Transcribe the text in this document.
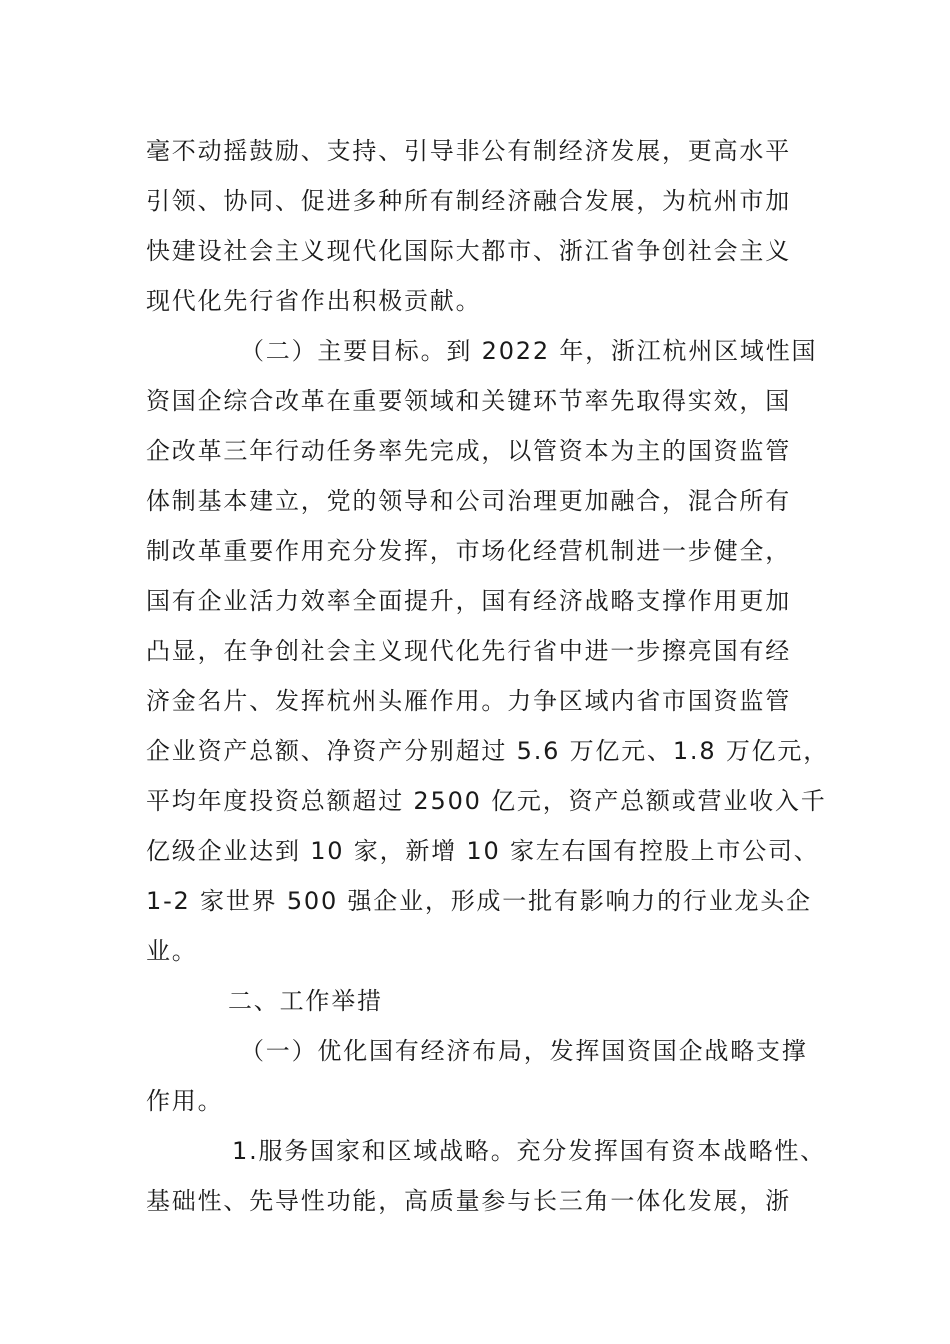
毫不动摇鼓励、支持、引导非公有制经济发展，更高水平
引领、协同、促进多种所有制经济融合发展，为杭州市加
快建设社会主义现代化国际大都市、浙江省争创社会主义
现代化先行省作出积极贡献。
（二）主要目标。到 2022 年，浙江杭州区域性国
资国企综合改革在重要领域和关键环节率先取得实效，国
企改革三年行动任务率先完成，以管资本为主的国资监管
体制基本建立，党的领导和公司治理更加融合，混合所有
制改革重要作用充分发挥，市场化经营机制进一步健全，
国有企业活力效率全面提升，国有经济战略支撑作用更加
凸显，在争创社会主义现代化先行省中进一步擦亮国有经
济金名片、发挥杭州头雁作用。力争区域内省市国资监管
企业资产总额、净资产分别超过 5.6 万亿元、1.8 万亿元，
平均年度投资总额超过 2500 亿元，资产总额或营业收入千
亿级企业达到 10 家，新增 10 家左右国有控股上市公司、
1-2 家世界 500 强企业，形成一批有影响力的行业龙头企
业。
二、工作举措
（一）优化国有经济布局，发挥国资国企战略支撑
作用。
1.服务国家和区域战略。充分发挥国有资本战略性、
基础性、先导性功能，高质量参与长三角一体化发展，浙
